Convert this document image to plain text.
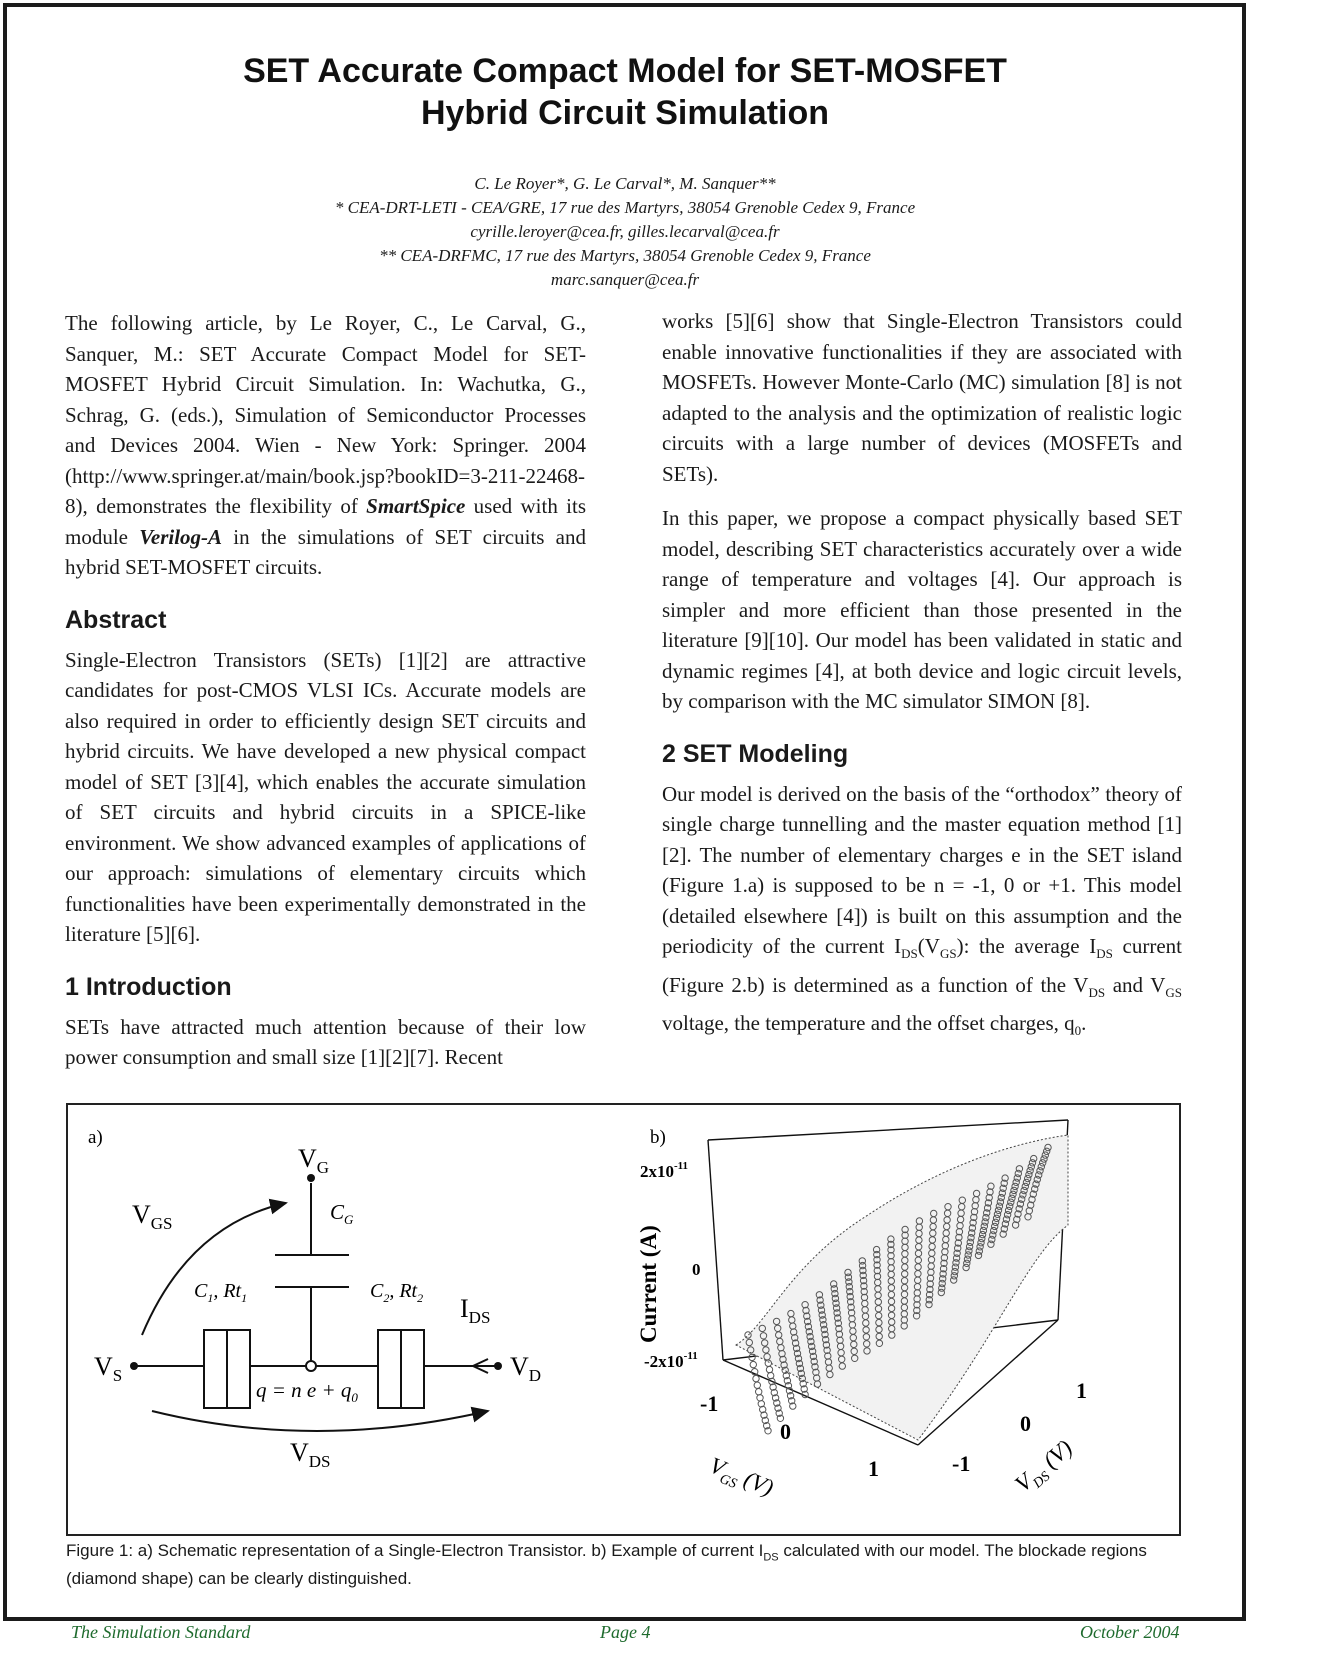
SET Accurate Compact Model for SET-MOSFET
Hybrid Circuit Simulation
C. Le Royer*, G. Le Carval*, M. Sanquer**
* CEA-DRT-LETI - CEA/GRE, 17 rue des Martyrs, 38054 Grenoble Cedex 9, France
cyrille.leroyer@cea.fr, gilles.lecarval@cea.fr
** CEA-DRFMC, 17 rue des Martyrs, 38054 Grenoble Cedex 9, France
marc.sanquer@cea.fr

The following article, by Le Royer, C., Le Carval, G., Sanquer, M.: SET Accurate Compact Model for SET-MOSFET Hybrid Circuit Simulation. In: Wachutka, G., Schrag, G. (eds.), Simulation of Semiconductor Processes and Devices 2004. Wien - New York: Springer. 2004 (http://www.springer.at/main/book.jsp?bookID=3-211-22468-8), demonstrates the flexibility of SmartSpice used with its module Verilog-A in the simulations of SET circuits and hybrid SET-MOSFET circuits.

Abstract

Single-Electron Transistors (SETs) [1][2] are attractive candidates for post-CMOS VLSI ICs. Accurate models are also required in order to efficiently design SET circuits and hybrid circuits. We have developed a new physical compact model of SET [3][4], which enables the accurate simulation of SET circuits and hybrid circuits in a SPICE-like environment. We show advanced examples of applications of our approach: simulations of elementary circuits which functionalities have been experimentally demonstrated in the literature [5][6].

1 Introduction

SETs have attracted much attention because of their low power consumption and small size [1][2][7]. Recent

works [5][6] show that Single-Electron Transistors could enable innovative functionalities if they are associated with MOSFETs. However Monte-Carlo (MC) simulation [8] is not adapted to the analysis and the optimization of realistic logic circuits with a large number of devices (MOSFETs and SETs).

In this paper, we propose a compact physically based SET model, describing SET characteristics accurately over a wide range of temperature and voltages [4]. Our approach is simpler and more efficient than those presented in the literature [9][10]. Our model has been validated in static and dynamic regimes [4], at both device and logic circuit levels, by comparison with the MC simulator SIMON [8].

2 SET Modeling

Our model is derived on the basis of the “orthodox” theory of single charge tunnelling and the master equation method [1][2]. The number of elementary charges e in the SET island (Figure 1.a) is supposed to be n = -1, 0 or +1. This model (detailed elsewhere [4]) is built on this assumption and the periodicity of the current $I_{DS}(V_{GS})$: the average $I_{DS}$ current (Figure 2.b) is determined as a function of the $V_{DS}$ and $V_{GS}$ voltage, the temperature and the offset charges, $q_0$.

a)
$V_G$
$C_G$
$V_{GS}$
$C_1$, $Rt_1$	$C_2$, $Rt_2$ $I_{DS}$
$V_S$	$V_D$
q = n $e + q_0$
$V_{DS}$
b)
Current (A)
$2x10^{-11}$
0
$-2x10^{-11}$
-1
0
1	-1
0
1
$V_{GS}$ (V)	$V_{DS}$ (V)
Figure 1: a) Schematic representation of a Single-Electron Transistor. b) Example of current $I_{DS}$ calculated with our model. The blockade regions (diamond shape) can be clearly distinguished.
The Simulation Standard	Page 4	October 2004
